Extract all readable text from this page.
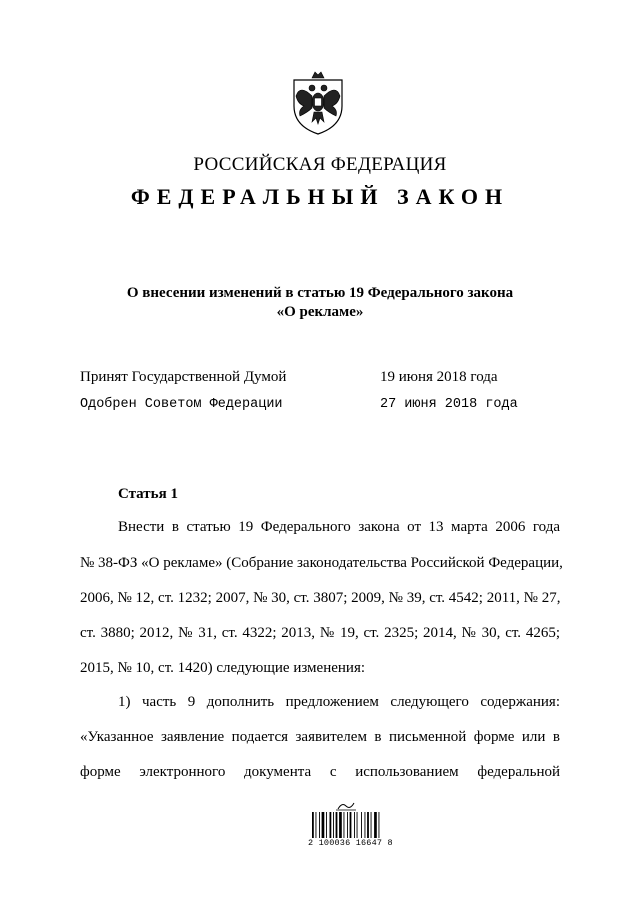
РОССИЙСКАЯ ФЕДЕРАЦИЯ
ФЕДЕРАЛЬНЫЙ ЗАКОН
О внесении изменений в статью 19 Федерального закона
«О рекламе»
Принят Государственной Думой	19 июня 2018 года
Одобрен Советом Федерации	27 июня 2018 года
Статья 1
Внести в статью 19 Федерального закона от 13 марта 2006 года
№ 38-ФЗ «О рекламе» (Собрание законодательства Российской Федерации,
2006, № 12, ст. 1232; 2007, № 30, ст. 3807; 2009, № 39, ст. 4542; 2011, № 27,
ст. 3880; 2012, № 31, ст. 4322; 2013, № 19, ст. 2325; 2014, № 30, ст. 4265;
2015, № 10, ст. 1420) следующие изменения:
1) часть 9 дополнить предложением следующего содержания:
«Указанное заявление подается заявителем в письменной форме или в
форме электронного документа с использованием федеральной
2 100036 16647 8
